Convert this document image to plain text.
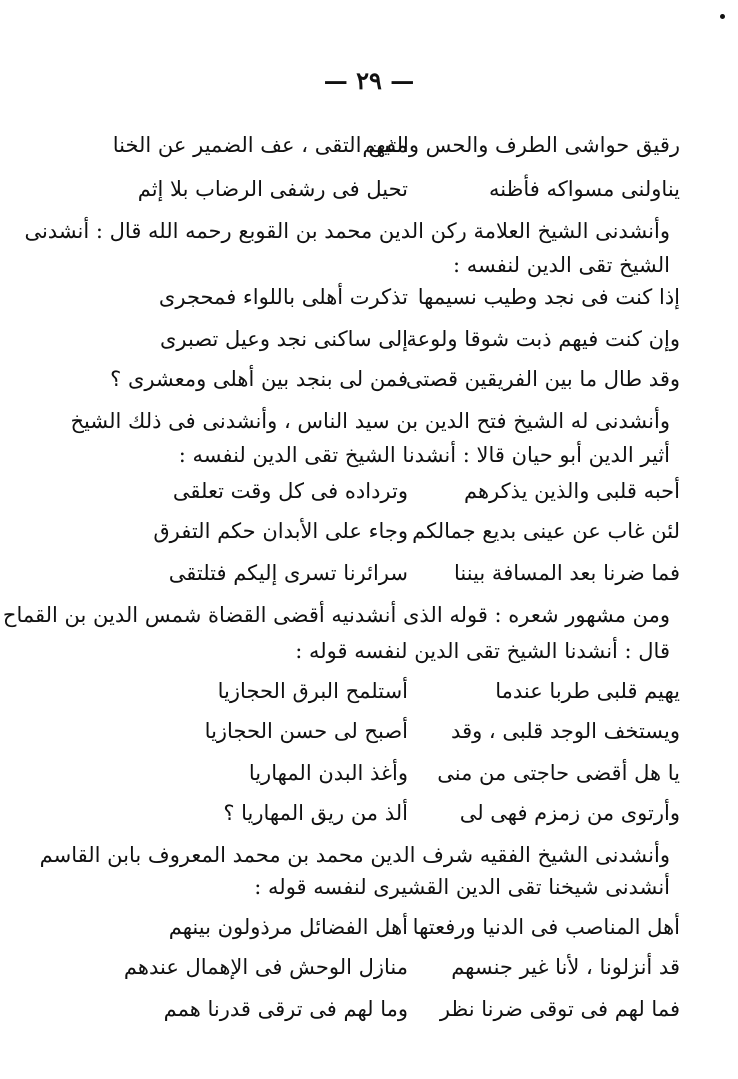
— ٢٩ —
رقيق حواشى الطرف والحس والفهم
متين التقى ، عف الضمير عن الخنا
يناولنى مسواكه فأظنه
تحيل فى رشفى الرضاب بلا إثم
وأنشدنى الشيخ العلامة ركن الدين محمد بن القوبع رحمه الله قال : أنشدنى
الشيخ تقى الدين لنفسه :
إذا كنت فى نجد وطيب نسيمها
تذكرت أهلى باللواء فمحجرى
وإن كنت فيهم ذبت شوقا ولوعة
إلى ساكنى نجد وعيل تصبرى
وقد طال ما بين الفريقين قصتى
فمن لى بنجد بين أهلى ومعشرى ؟
وأنشدنى له الشيخ فتح الدين بن سيد الناس ، وأنشدنى فى ذلك الشيخ
أثير الدين أبو حيان قالا : أنشدنا الشيخ تقى الدين لنفسه :
أحبه قلبى والذين يذكرهم
وترداده فى كل وقت تعلقى
لئن غاب عن عينى بديع جمالكم
وجاء على الأبدان حكم التفرق
فما ضرنا بعد المسافة بيننا
سرائرنا تسرى إليكم فتلتقى
ومن مشهور شعره : قوله الذى أنشدنيه أقضى القضاة شمس الدين بن القماح
قال : أنشدنا الشيخ تقى الدين لنفسه قوله :
يهيم قلبى طربا عندما
أستلمح البرق الحجازيا
ويستخف الوجد قلبى ، وقد
أصبح لى حسن الحجازيا
يا هل أقضى حاجتى من منى
وأغذ البدن المهاريا
وأرتوى من زمزم فهى لى
ألذ من ريق المهاريا ؟
وأنشدنى الشيخ الفقيه شرف الدين محمد بن محمد المعروف بابن القاسم
أنشدنى شيخنا تقى الدين القشيرى لنفسه قوله :
أهل المناصب فى الدنيا ورفعتها
أهل الفضائل مرذولون بينهم
قد أنزلونا ، لأنا غير جنسهم
منازل الوحش فى الإهمال عندهم
فما لهم فى توقى ضرنا نظر
وما لهم فى ترقى قدرنا همم
